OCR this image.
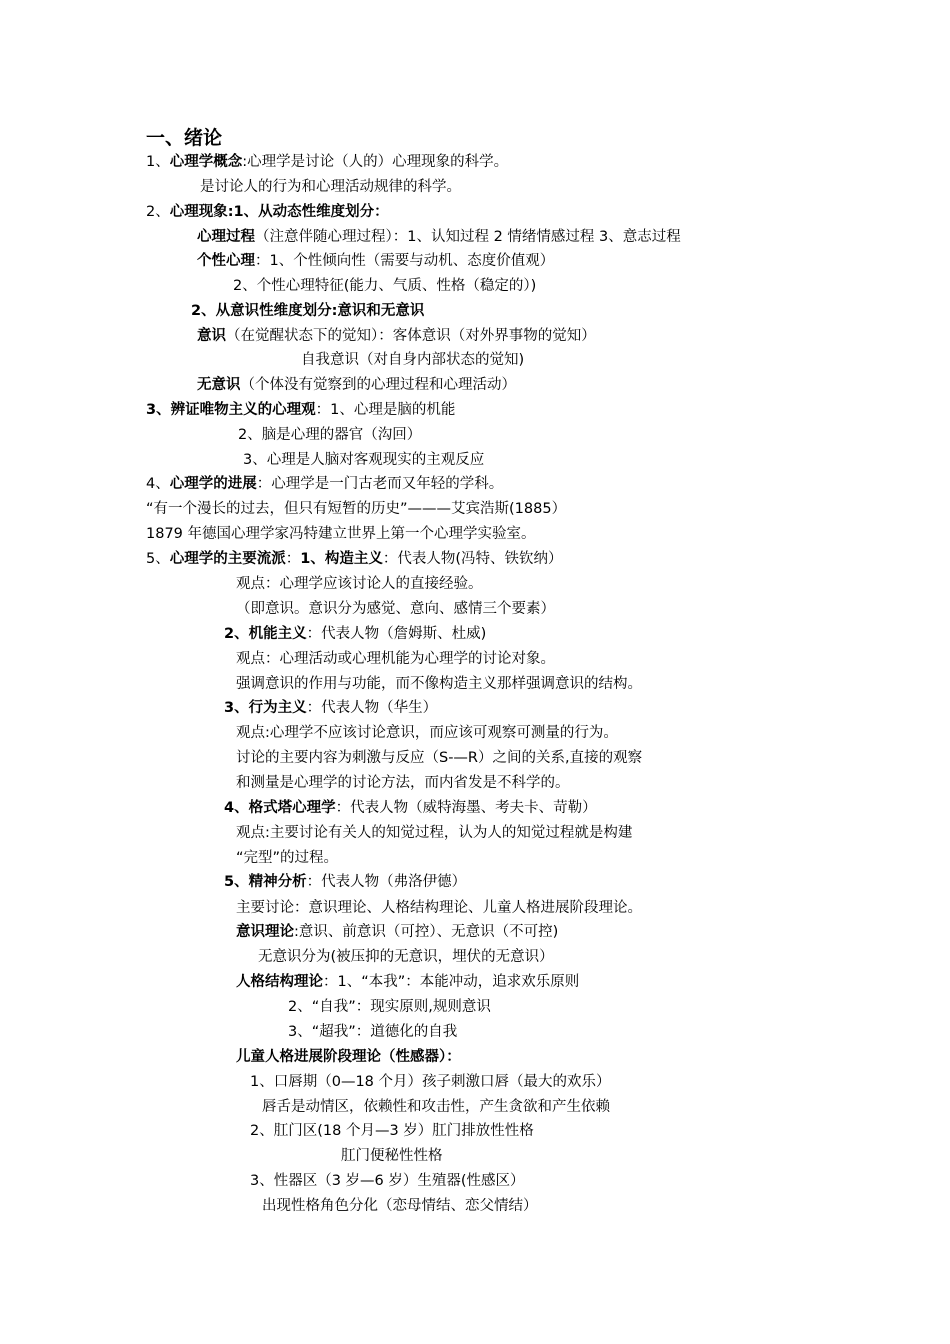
一、绪论
1、心理学概念:心理学是讨论（人的）心理现象的科学。
是讨论人的行为和心理活动规律的科学。
2、心理现象:1、从动态性维度划分：
心理过程（注意伴随心理过程）：1、认知过程 2 情绪情感过程 3、意志过程
个性心理：1、个性倾向性（需要与动机、态度价值观）
2、个性心理特征(能力、气质、性格（稳定的）)
2、从意识性维度划分:意识和无意识
意识（在觉醒状态下的觉知）：客体意识（对外界事物的觉知）
自我意识（对自身内部状态的觉知)
无意识（个体没有觉察到的心理过程和心理活动）
3、辨证唯物主义的心理观：1、心理是脑的机能
2、脑是心理的器官（沟回）
3、心理是人脑对客观现实的主观反应
4、心理学的进展：心理学是一门古老而又年轻的学科。
“有一个漫长的过去，但只有短暂的历史”———艾宾浩斯(1885）
1879 年德国心理学家冯特建立世界上第一个心理学实验室。
5、心理学的主要流派：1、构造主义：代表人物(冯特、铁钦纳）
观点：心理学应该讨论人的直接经验。
（即意识。意识分为感觉、意向、感情三个要素）
2、机能主义：代表人物（詹姆斯、杜威)
观点：心理活动或心理机能为心理学的讨论对象。
强调意识的作用与功能，而不像构造主义那样强调意识的结构。
3、行为主义：代表人物（华生）
观点:心理学不应该讨论意识，而应该可观察可测量的行为。
讨论的主要内容为刺激与反应（S-—R）之间的关系,直接的观察
和测量是心理学的讨论方法，而内省发是不科学的。
4、格式塔心理学：代表人物（威特海墨、考夫卡、苛勒）
观点:主要讨论有关人的知觉过程，认为人的知觉过程就是构建
“完型”的过程。
5、精神分析：代表人物（弗洛伊德）
主要讨论：意识理论、人格结构理论、儿童人格进展阶段理论。
意识理论:意识、前意识（可控）、无意识（不可控)
无意识分为(被压抑的无意识，埋伏的无意识）
人格结构理论：1、“本我”：本能冲动，追求欢乐原则
2、“自我”：现实原则,规则意识
3、“超我”：道德化的自我
儿童人格进展阶段理论（性感器）：
1、口唇期（0—18 个月）孩子刺激口唇（最大的欢乐）
唇舌是动情区，依赖性和攻击性，产生贪欲和产生依赖
2、肛门区(18 个月—3 岁）肛门排放性性格
肛门便秘性性格
3、性器区（3 岁—6 岁）生殖器(性感区）
出现性格角色分化（恋母情结、恋父情结）
